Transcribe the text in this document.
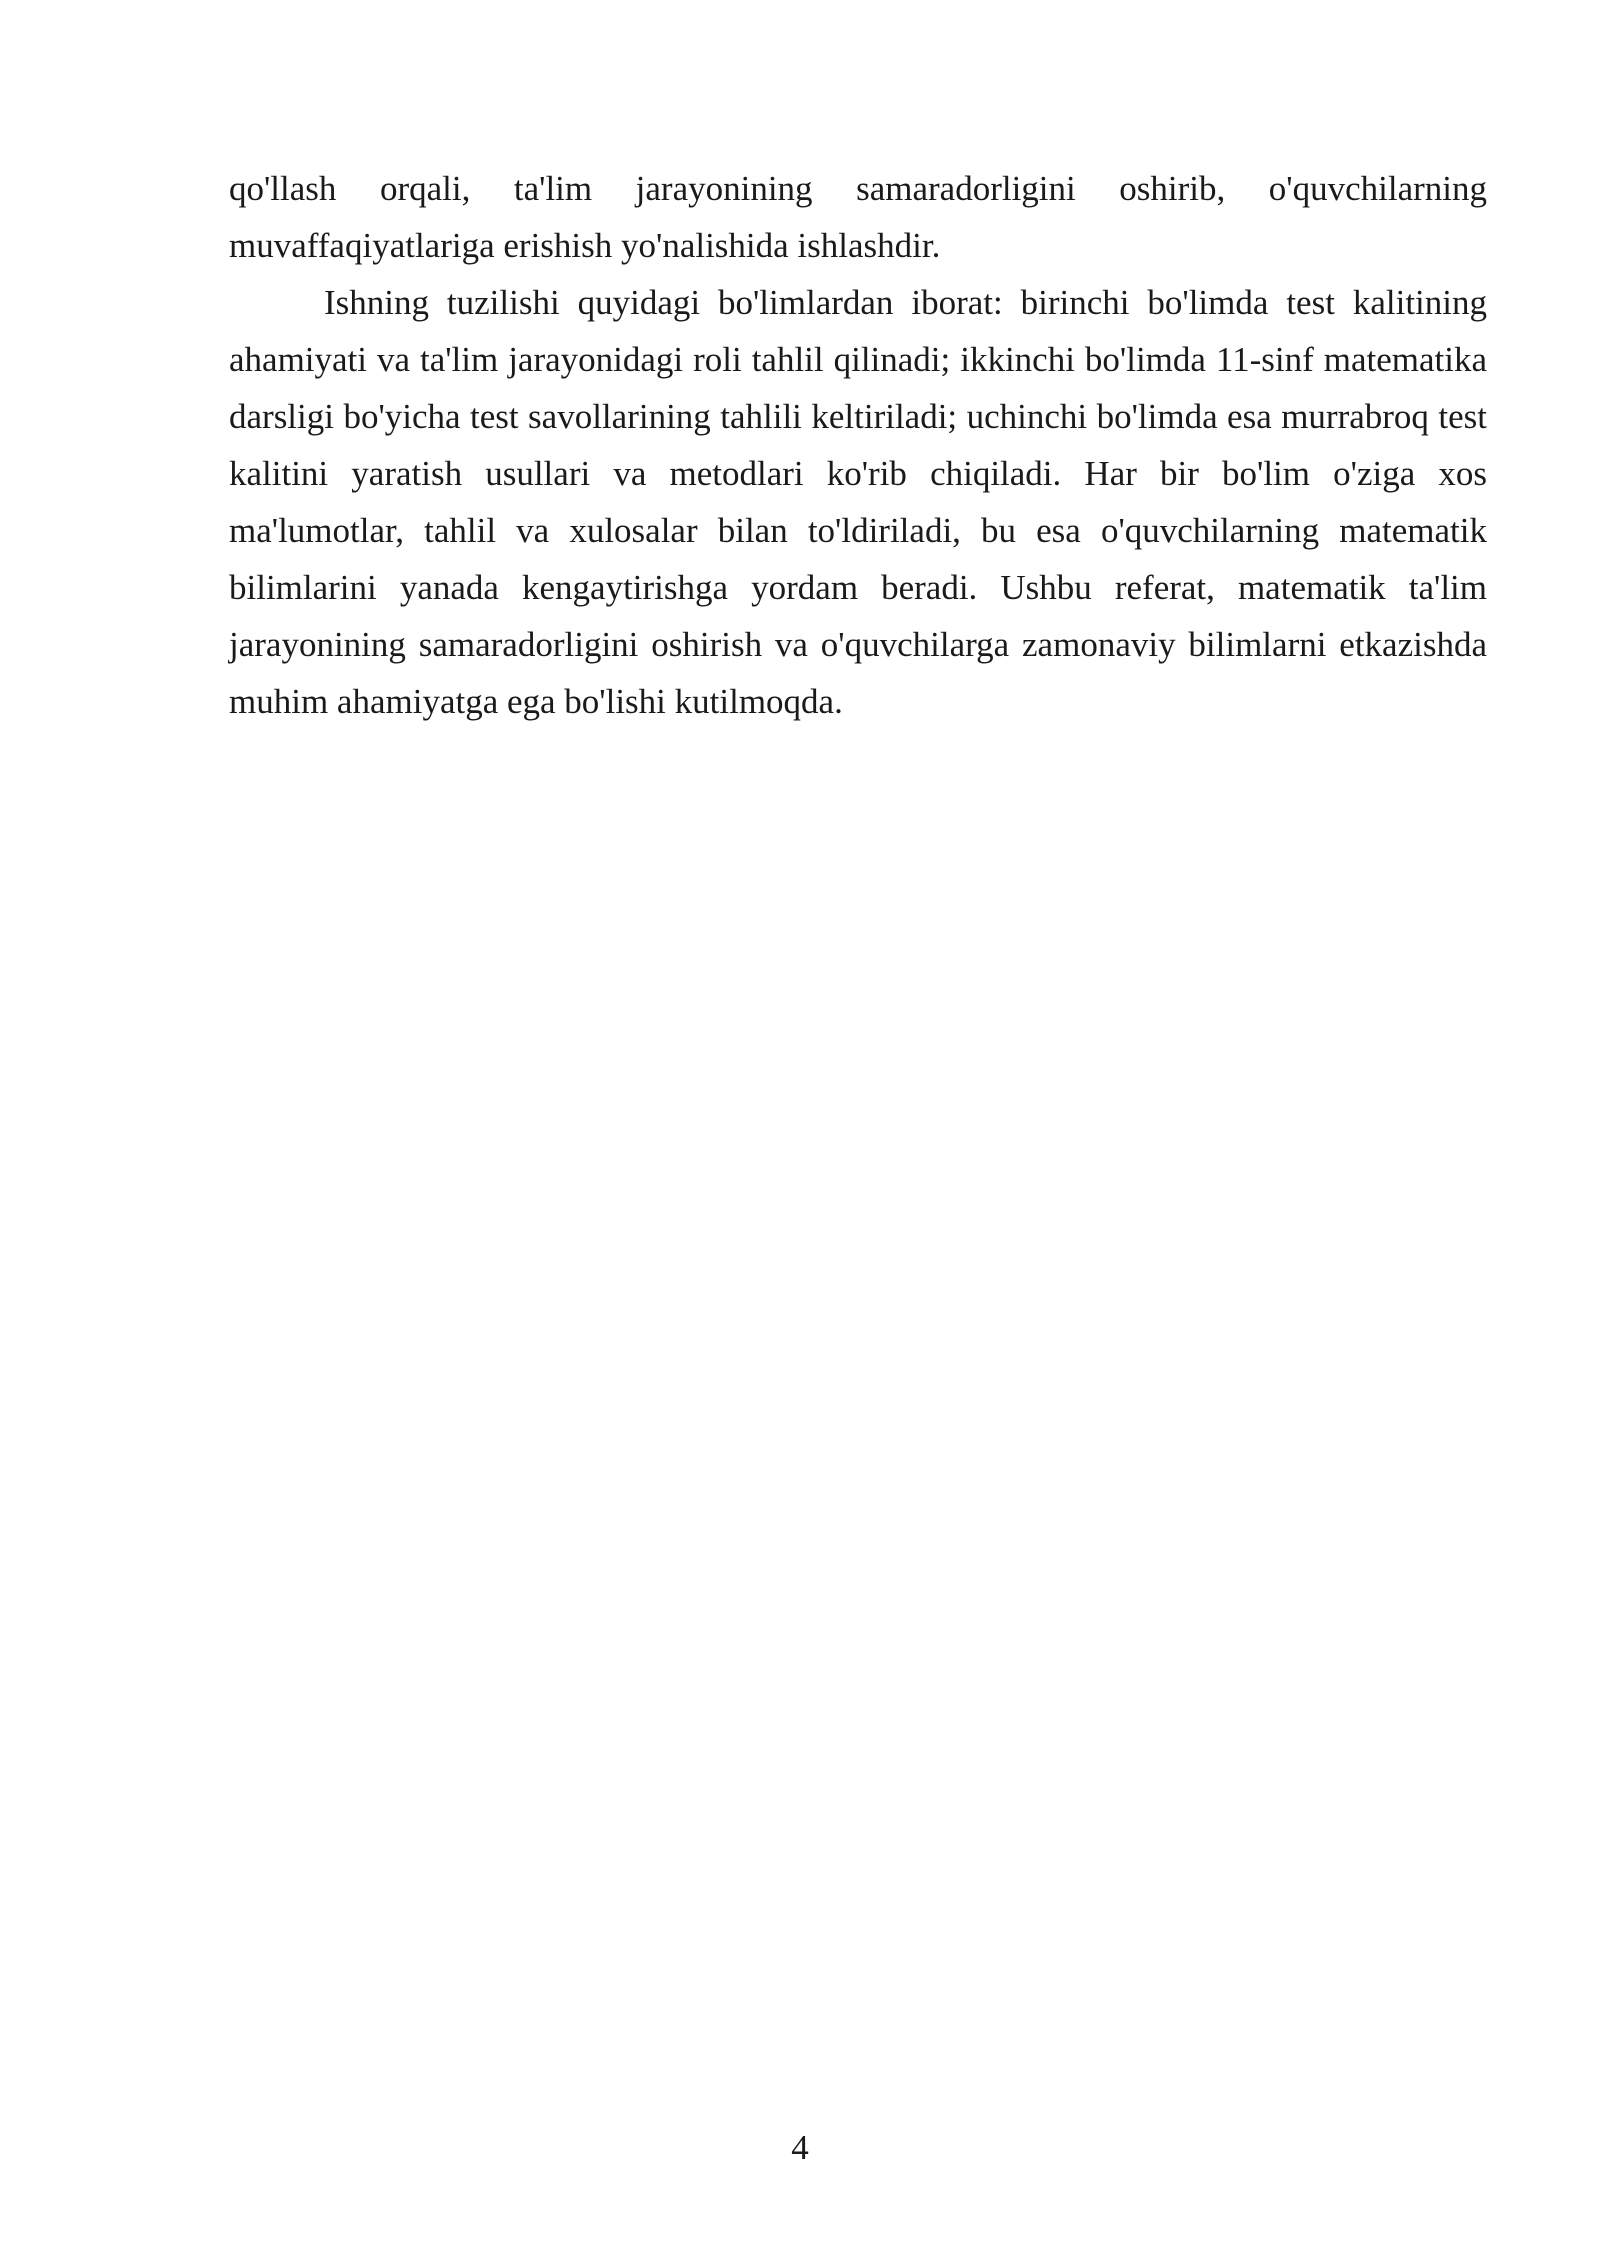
qo'llash orqali, ta'lim jarayonining samaradorligini oshirib, o'quvchilarning muvaffaqiyatlariga erishish yo'nalishida ishlashdir.

Ishning tuzilishi quyidagi bo'limlardan iborat: birinchi bo'limda test kalitining ahamiyati va ta'lim jarayonidagi roli tahlil qilinadi; ikkinchi bo'limda 11-sinf matematika darsligi bo'yicha test savollarining tahlili keltiriladi; uchinchi bo'limda esa murrabroq test kalitini yaratish usullari va metodlari ko'rib chiqiladi. Har bir bo'lim o'ziga xos ma'lumotlar, tahlil va xulosalar bilan to'ldiriladi, bu esa o'quvchilarning matematik bilimlarini yanada kengaytirishga yordam beradi. Ushbu referat, matematik ta'lim jarayonining samaradorligini oshirish va o'quvchilarga zamonaviy bilimlarni etkazishda muhim ahamiyatga ega bo'lishi kutilmoqda.

4
